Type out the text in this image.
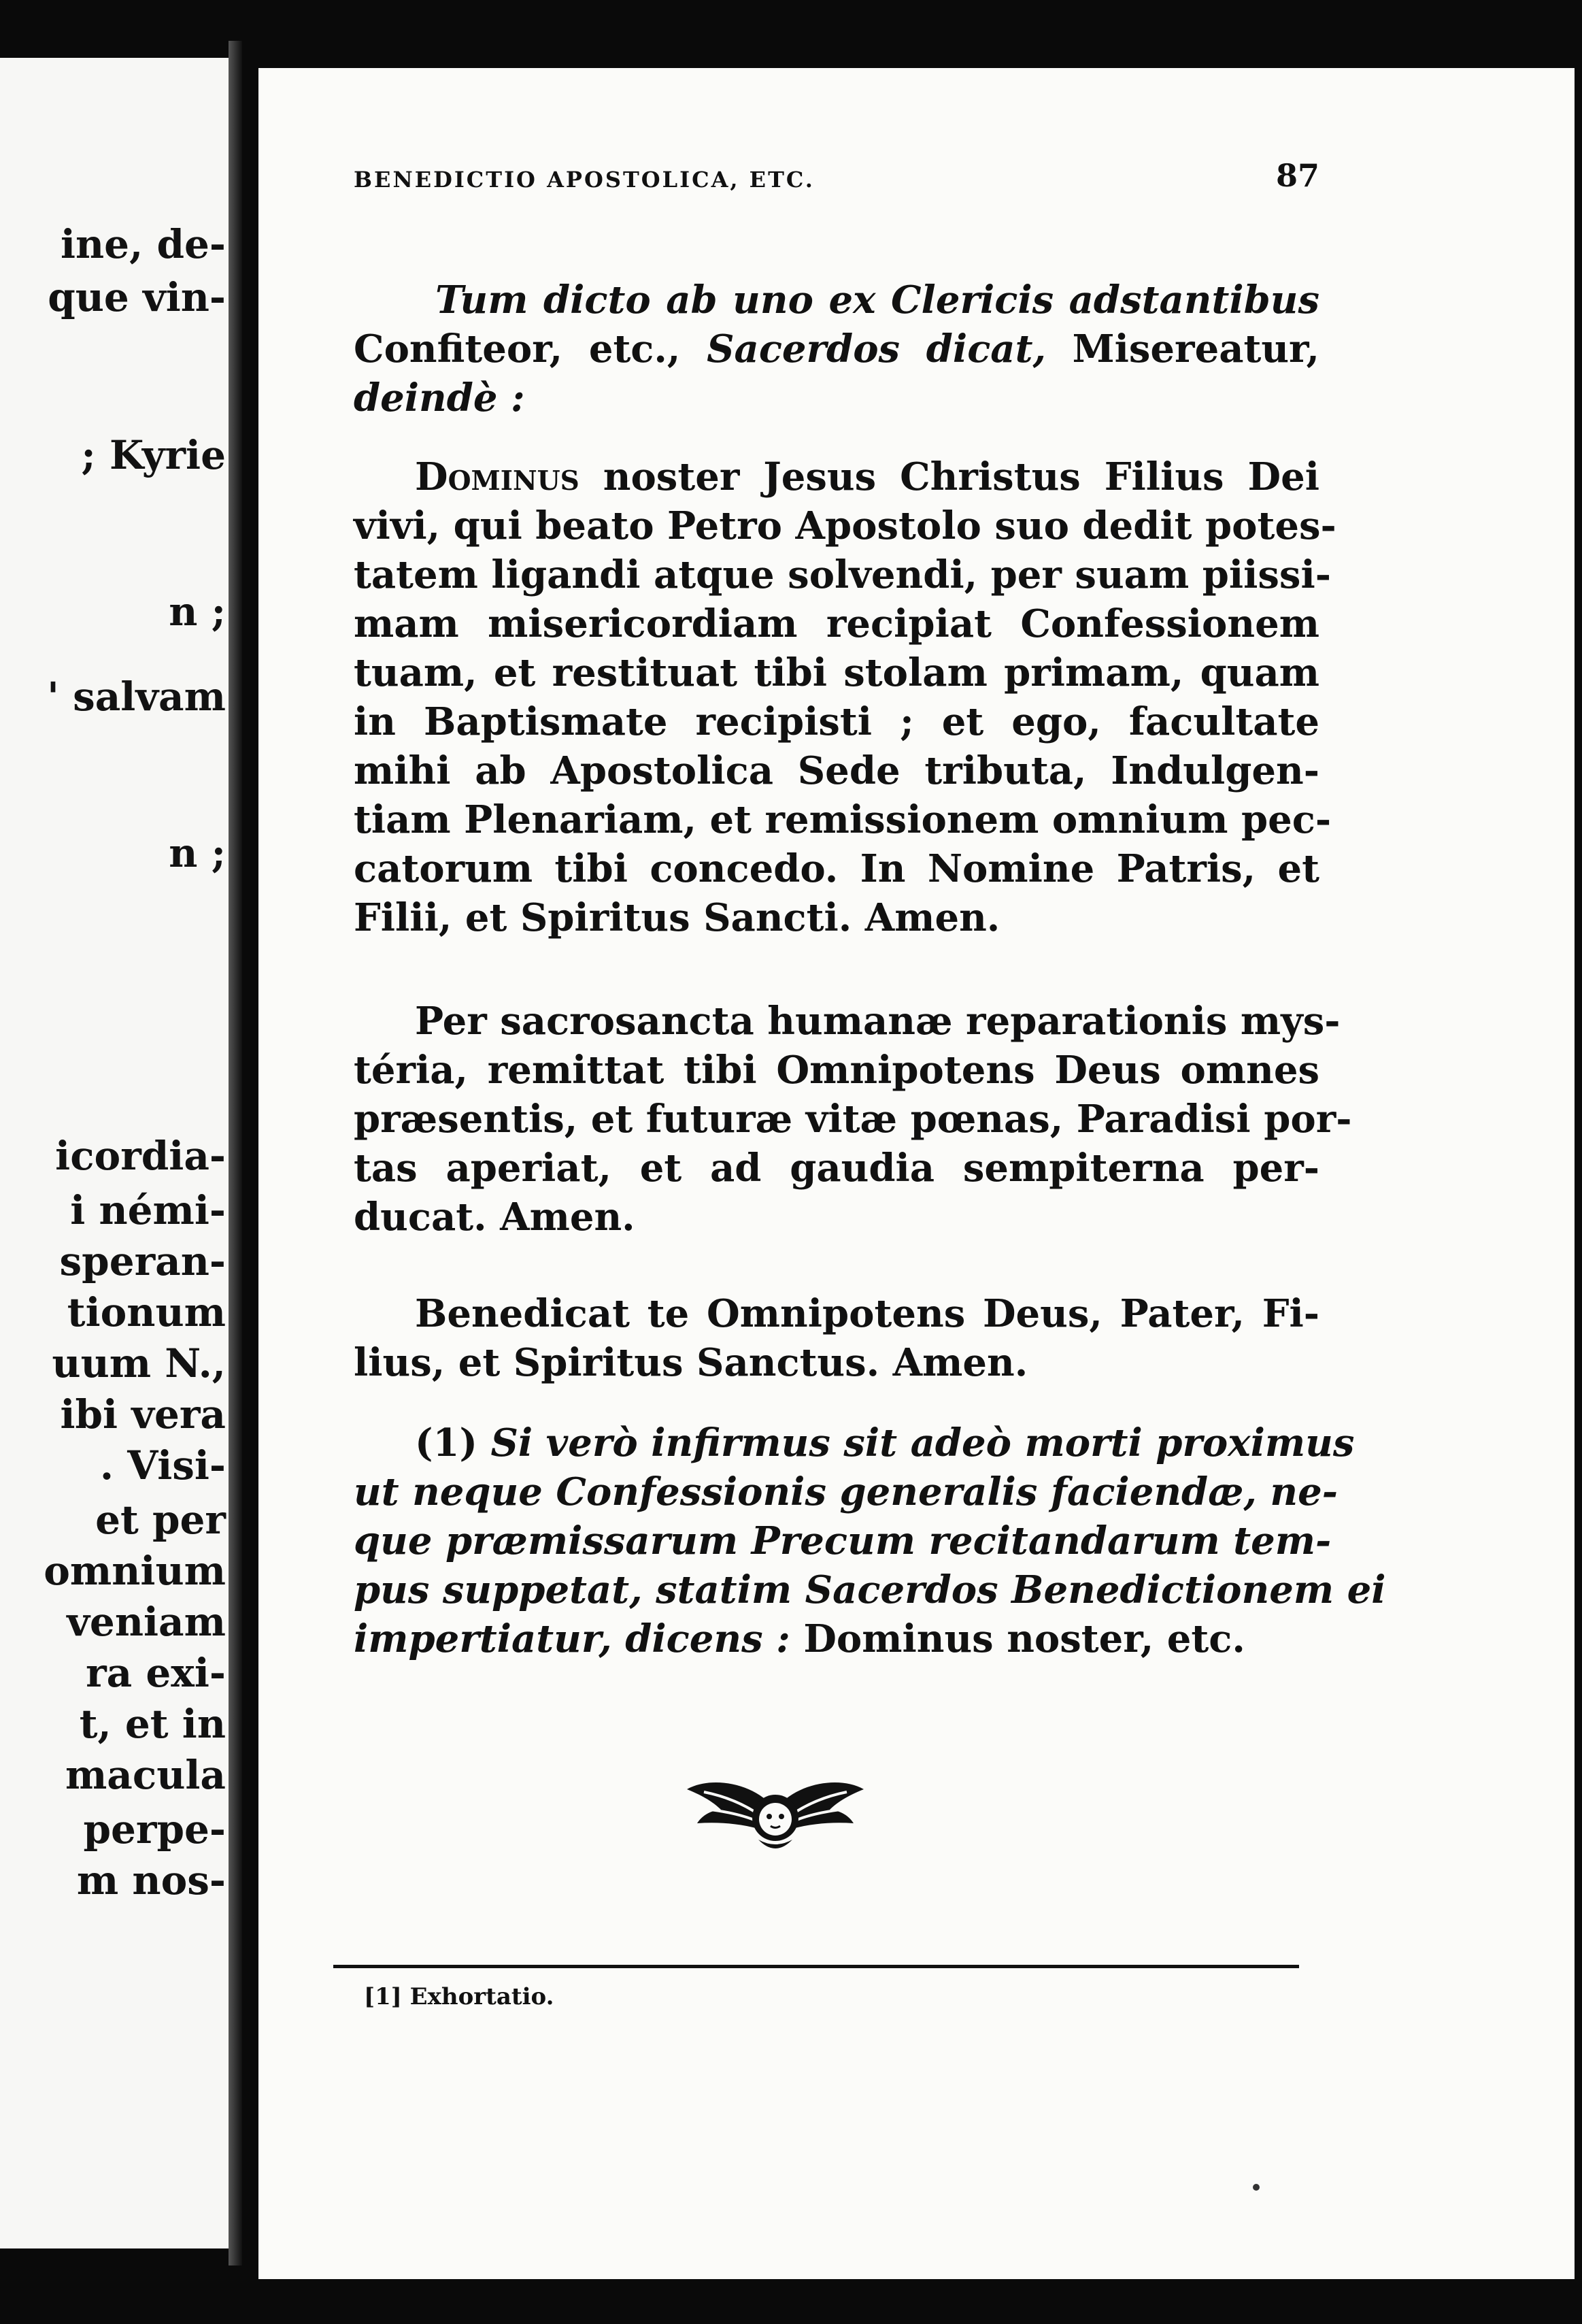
ine, de-
que vin-
; Kyrie
n ;
' salvam
n ;
icordia-
i némi-
speran-
tionum
uum N.,
ibi vera
. Visi-
et per
omnium
veniam
ra exi-
t, et in
macula
perpe-
m nos-
BENEDICTIO APOSTOLICA, ETC.	87
Tum dicto ab uno ex Clericis adstantibus
Confiteor, etc., Sacerdos dicat, Misereatur,
deindè :
Dominus noster Jesus Christus Filius Dei
vivi, qui beato Petro Apostolo suo dedit potes-
tatem ligandi atque solvendi, per suam piissi-
mam misericordiam recipiat Confessionem
tuam, et restituat tibi stolam primam, quam
in Baptismate recipisti ; et ego, facultate
mihi ab Apostolica Sede tributa, Indulgen-
tiam Plenariam, et remissionem omnium pec-
catorum tibi concedo. In Nomine Patris, et
Filii, et Spiritus Sancti. Amen.
Per sacrosancta humanæ reparationis mys-
téria, remittat tibi Omnipotens Deus omnes
præsentis, et futuræ vitæ pœnas, Paradisi por-
tas aperiat, et ad gaudia sempiterna per-
ducat. Amen.
Benedicat te Omnipotens Deus, Pater, Fi-
lius, et Spiritus Sanctus. Amen.
(1) Si verò infirmus sit adeò morti proximus
ut neque Confessionis generalis faciendæ, ne-
que præmissarum Precum recitandarum tem-
pus suppetat, statim Sacerdos Benedictionem ei
impertiatur, dicens : Dominus noster, etc.
[1] Exhortatio.
